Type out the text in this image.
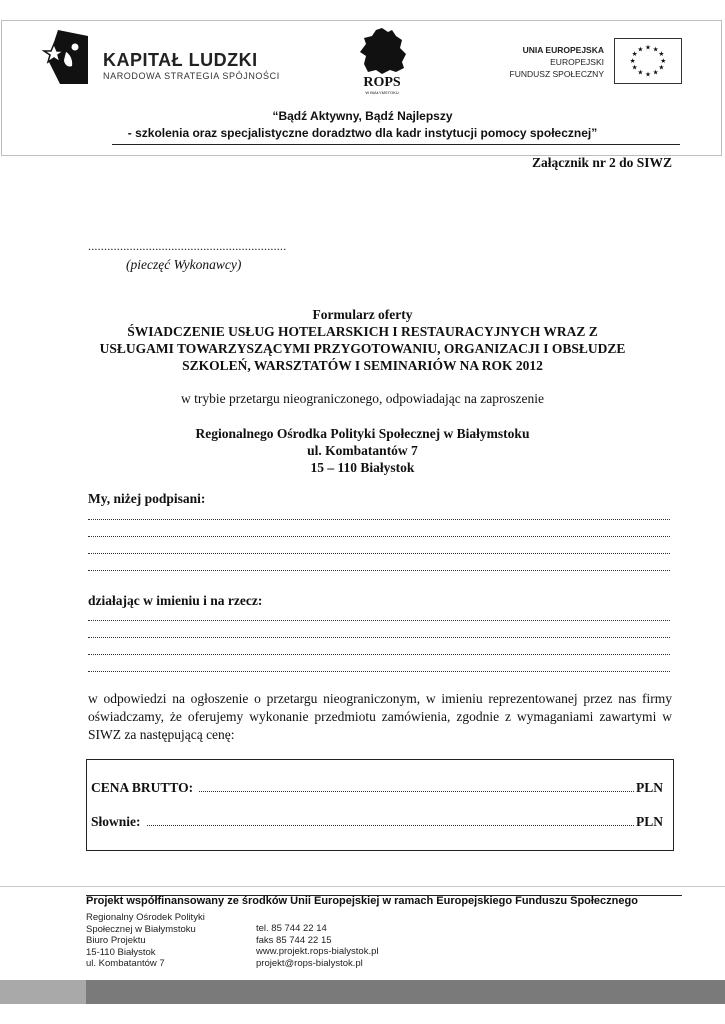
KAPITAŁ LUDZKI
NARODOWA STRATEGIA SPÓJNOŚCI	ROPS
W BIAŁYMSTOKU
UNIA EUROPEJSKA
EUROPEJSKI
FUNDUSZ SPOŁECZNY
★ ★
★
★
★
★
★
★
★
★
★
★
“Bądź Aktywny, Bądź Najlepszy
- szkolenia oraz specjalistyczne doradztwo dla kadr instytucji pomocy społecznej”
Załącznik nr 2 do SIWZ
..............................................................
(pieczęć Wykonawcy)
Formularz oferty
ŚWIADCZENIE USŁUG HOTELARSKICH I RESTAURACYJNYCH WRAZ Z
USŁUGAMI TOWARZYSZĄCYMI PRZYGOTOWANIU, ORGANIZACJI I OBSŁUDZE
SZKOLEŃ, WARSZTATÓW I SEMINARIÓW NA ROK 2012
w trybie przetargu nieograniczonego, odpowiadając na zaproszenie
Regionalnego Ośrodka Polityki Społecznej w Białymstoku
ul. Kombatantów 7
15 – 110 Białystok
My, niżej podpisani:
działając w imieniu i na rzecz:
w odpowiedzi na ogłoszenie o przetargu nieograniczonym, w imieniu reprezentowanej przez nas firmy oświadczamy, że oferujemy wykonanie przedmiotu zamówienia, zgodnie z wymaganiami zawartymi w SIWZ za następującą cenę:
CENA BRUTTO:	PLN
Słownie:	PLN
Projekt współfinansowany ze środków Unii Europejskiej w ramach Europejskiego Funduszu Społecznego
Regionalny Ośrodek Polityki
Społecznej w Białymstoku
Biuro Projektu
15-110 Białystok
ul. Kombatantów 7
tel. 85 744 22 14
faks 85 744 22 15
www.projekt.rops-bialystok.pl
projekt@rops-bialystok.pl
